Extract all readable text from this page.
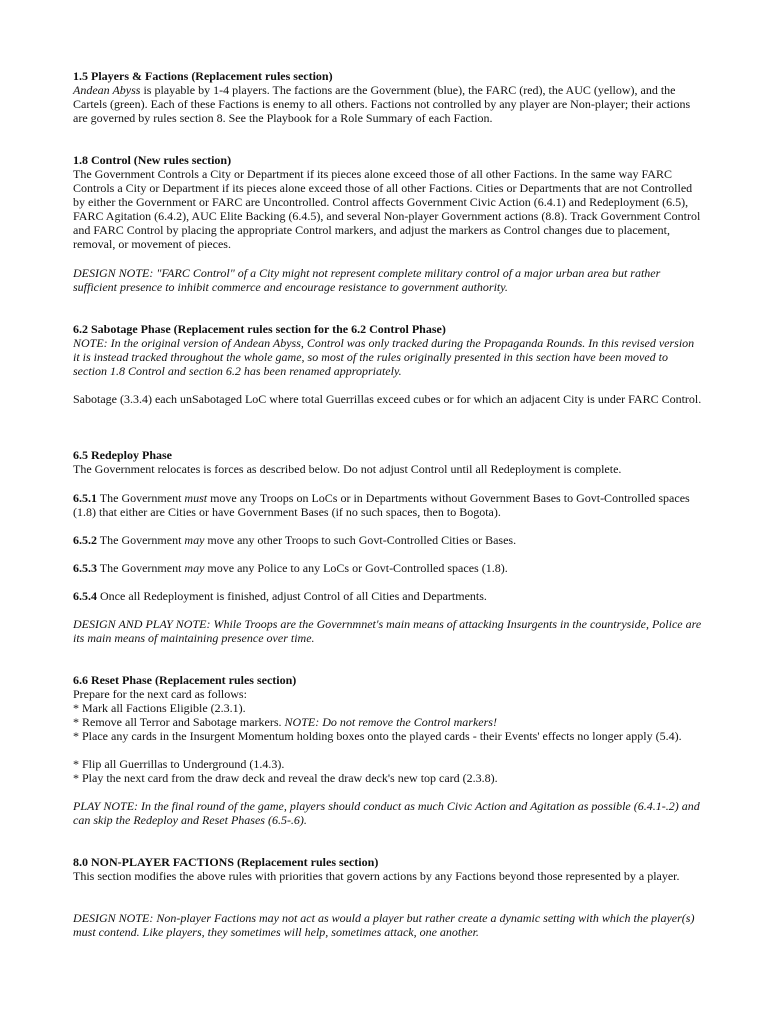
1.5 Players & Factions (Replacement rules section)
Andean Abyss is playable by 1-4 players. The factions are the Government (blue), the FARC (red), the AUC (yellow), and the Cartels (green). Each of these Factions is enemy to all others. Factions not controlled by any player are Non-player; their actions are governed by rules section 8. See the Playbook for a Role Summary of each Faction.
1.8 Control (New rules section)
The Government Controls a City or Department if its pieces alone exceed those of all other Factions. In the same way FARC Controls a City or Department if its pieces alone exceed those of all other Factions. Cities or Departments that are not Controlled by either the Government or FARC are Uncontrolled. Control affects Government Civic Action (6.4.1) and Redeployment (6.5), FARC Agitation (6.4.2), AUC Elite Backing (6.4.5), and several Non-player Government actions (8.8). Track Government Control and FARC Control by placing the appropriate Control markers, and adjust the markers as Control changes due to placement, removal, or movement of pieces.
DESIGN NOTE: "FARC Control" of a City might not represent complete military control of a major urban area but rather sufficient presence to inhibit commerce and encourage resistance to government authority.
6.2 Sabotage Phase (Replacement rules section for the 6.2 Control Phase)
NOTE: In the original version of Andean Abyss, Control was only tracked during the Propaganda Rounds. In this revised version it is instead tracked throughout the whole game, so most of the rules originally presented in this section have been moved to section 1.8 Control and section 6.2 has been renamed appropriately.
Sabotage (3.3.4) each unSabotaged LoC where total Guerrillas exceed cubes or for which an adjacent City is under FARC Control.
6.5 Redeploy Phase
The Government relocates is forces as described below. Do not adjust Control until all Redeployment is complete.
6.5.1 The Government must move any Troops on LoCs or in Departments without Government Bases to Govt-Controlled spaces (1.8) that either are Cities or have Government Bases (if no such spaces, then to Bogota).
6.5.2 The Government may move any other Troops to such Govt-Controlled Cities or Bases.
6.5.3 The Government may move any Police to any LoCs or Govt-Controlled spaces (1.8).
6.5.4 Once all Redeployment is finished, adjust Control of all Cities and Departments.
DESIGN AND PLAY NOTE: While Troops are the Governmnet's main means of attacking Insurgents in the countryside, Police are its main means of maintaining presence over time.
6.6 Reset Phase (Replacement rules section)
Prepare for the next card as follows:
* Mark all Factions Eligible (2.3.1).
* Remove all Terror and Sabotage markers. NOTE: Do not remove the Control markers!
* Place any cards in the Insurgent Momentum holding boxes onto the played cards - their Events' effects no longer apply (5.4).
* Flip all Guerrillas to Underground (1.4.3).
* Play the next card from the draw deck and reveal the draw deck's new top card (2.3.8).
PLAY NOTE: In the final round of the game, players should conduct as much Civic Action and Agitation as possible (6.4.1-.2) and can skip the Redeploy and Reset Phases (6.5-.6).
8.0 NON-PLAYER FACTIONS (Replacement rules section)
This section modifies the above rules with priorities that govern actions by any Factions beyond those represented by a player.
DESIGN NOTE: Non-player Factions may not act as would a player but rather create a dynamic setting with which the player(s) must contend. Like players, they sometimes will help, sometimes attack, one another.
